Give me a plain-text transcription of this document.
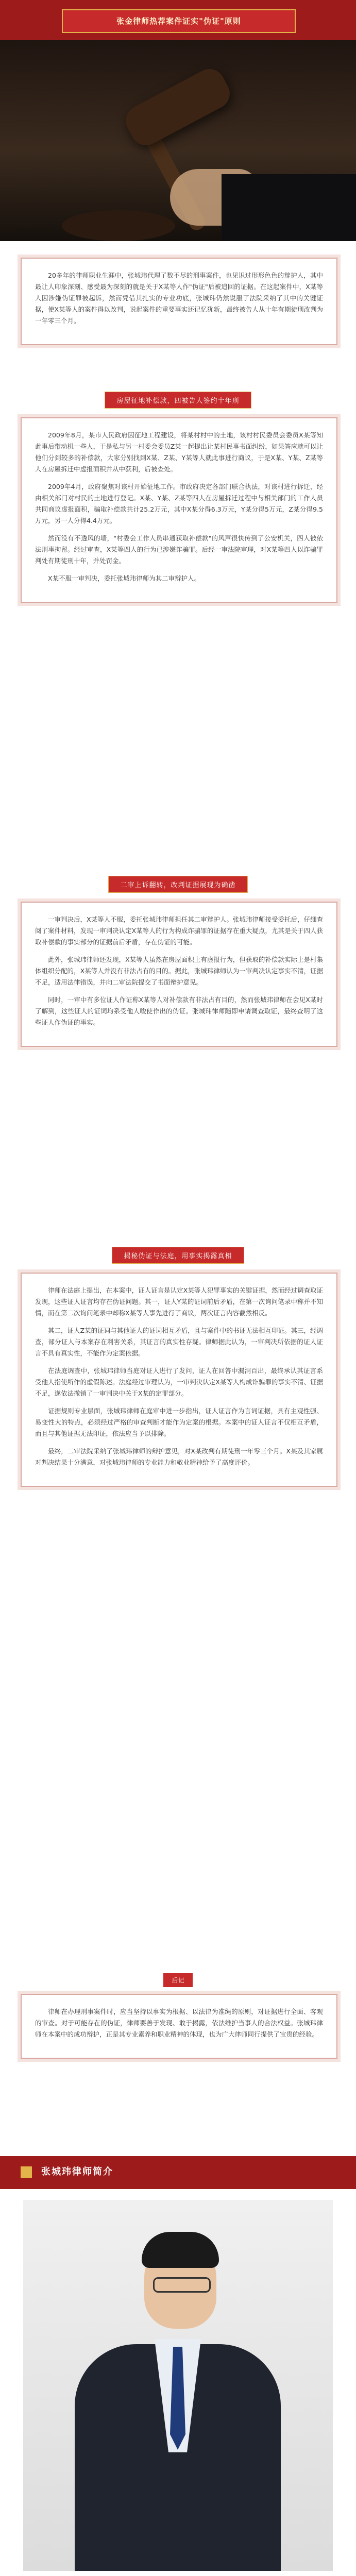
张金律师热荐案件证实"伪证"原则

20多年的律师职业生涯中，张城玮代理了数不尽的刑事案件，也见识过形形色色的辩护人，其中最让人印象深刻、感受最为深刻的就是关于X某等人作"伪证"后被追回的证据。在这起案件中，X某等人因涉嫌伪证罪被起诉，然而凭借其扎实的专业功底，张城玮仍然说服了法院采纳了其中的关键证据，使X某等人的案件得以改判，说起案件的重要事实还记忆犹新，最终被告人从十年有期徒刑改判为一年零三个月。

房屋征地补偿款，四被告人签约十年刑

2009年8月，某市人民政府因征地工程建设，将某村村中的土地，该村村民委员会委员X某等知此事后带动机一些人，于是私与另一村委会委员Z某一起提出让某村民事书面纠纷，如果答应就可以让他们分到较多的补偿款，大家分别找到X某、Z某、Y某等人就此事进行商议，于是X某、Y某、Z某等人在房屋拆迁中虚报面积并从中获利，后被查处。

2009年4月，政府聚焦对该村开始征地工作。市政府决定各部门联合执法，对该村进行拆迁，经由相关部门对村民的土地进行登记。X某、Y某、Z某等四人在房屋拆迁过程中与相关部门的工作人员共同商议虚报面积，骗取补偿款共计25.2万元，其中X某分得6.3万元，Y某分得5万元，Z某分得9.5万元，另一人分得4.4万元。

然而没有不透风的墙，"村委会工作人员串通获取补偿款"的风声很快传到了公安机关，四人被依法刑事拘留。经过审查，X某等四人的行为已涉嫌诈骗罪。后经一审法院审理，对X某等四人以诈骗罪判处有期徒刑十年，并处罚金。

X某不服一审判决，委托张城玮律师为其二审辩护人。

二审上诉翻转，改判证据展现为确凿

一审判决后，X某等人不服，委托张城玮律师担任其二审辩护人。张城玮律师接受委托后，仔细查阅了案件材料，发现一审判决认定X某等人的行为构成诈骗罪的证据存在重大疑点，尤其是关于四人获取补偿款的事实部分的证据前后矛盾，存在伪证的可能。

此外，张城玮律师还发现，X某等人虽然在房屋面积上有虚报行为，但获取的补偿款实际上是村集体组织分配的，X某等人并没有非法占有的目的。据此，张城玮律师认为一审判决认定事实不清，证据不足，适用法律错误，并向二审法院提交了书面辩护意见。

同时，一审中有多位证人作证称X某等人对补偿款有非法占有目的，然而张城玮律师在会见X某时了解到，这些证人的证词均系受他人唆使作出的伪证。张城玮律师随即申请调查取证，最终查明了这些证人作伪证的事实。

揭秘伪证与法庭，用事实揭露真相

律师在法庭上提出，在本案中，证人证言是认定X某等人犯罪事实的关键证据，然而经过调查取证发现，这些证人证言均存在伪证问题。其一，证人Y某的证词前后矛盾，在第一次询问笔录中称并不知情，而在第二次询问笔录中却称X某等人事先进行了商议，两次证言内容截然相反。

其二，证人Z某的证词与其他证人的证词相互矛盾，且与案件中的书证无法相互印证。其三，经调查，部分证人与本案存在利害关系，其证言的真实性存疑。律师据此认为，一审判决所依据的证人证言不具有真实性，不能作为定案依据。

在法庭调查中，张城玮律师当庭对证人进行了发问，证人在回答中漏洞百出，最终承认其证言系受他人指使所作的虚假陈述。法庭经过审理认为，一审判决认定X某等人构成诈骗罪的事实不清、证据不足，遂依法撤销了一审判决中关于X某的定罪部分。

证据规则专业层面，张城玮律师在庭审中进一步指出，证人证言作为言词证据，具有主观性强、易变性大的特点，必须经过严格的审查判断才能作为定案的根据。本案中的证人证言不仅相互矛盾，而且与其他证据无法印证，依法应当予以排除。

最终，二审法院采纳了张城玮律师的辩护意见，对X某改判有期徒刑一年零三个月。X某及其家属对判决结果十分满意，对张城玮律师的专业能力和敬业精神给予了高度评价。

后记

律师在办理刑事案件时，应当坚持以事实为根据、以法律为准绳的原则，对证据进行全面、客观的审查。对于可能存在的伪证，律师要善于发现、敢于揭露，依法维护当事人的合法权益。张城玮律师在本案中的成功辩护，正是其专业素养和职业精神的体现，也为广大律师同行提供了宝贵的经验。

张城玮律师简介
